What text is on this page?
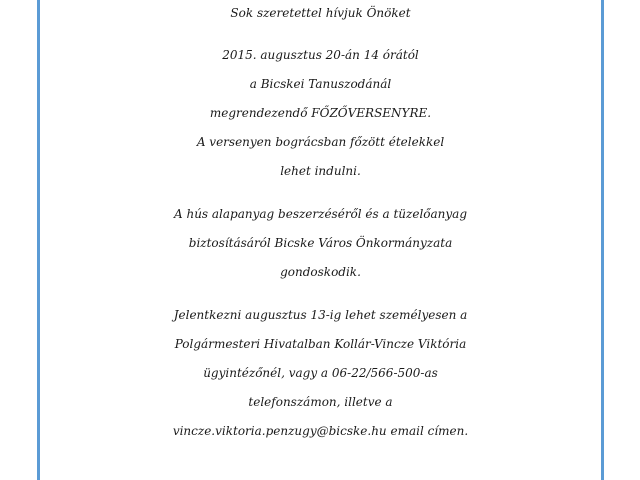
Sok szeretettel hívjuk Önöket
2015. augusztus 20-án 14 órától
a Bicskei Tanuszodánál
megrendezendő FŐZŐVERSENYRE.
A versenyen bográcsban főzött ételekkel
lehet indulni.
A hús alapanyag beszerzéséről és a tüzelőanyag
biztosításáról Bicske Város Önkormányzata
gondoskodik.
Jelentkezni augusztus 13-ig lehet személyesen a
Polgármesteri Hivatalban Kollár-Vincze Viktória
ügyintézőnél, vagy a 06-22/566-500-as
telefonszámon, illetve a
vincze.viktoria.penzugy@bicske.hu email címen.
